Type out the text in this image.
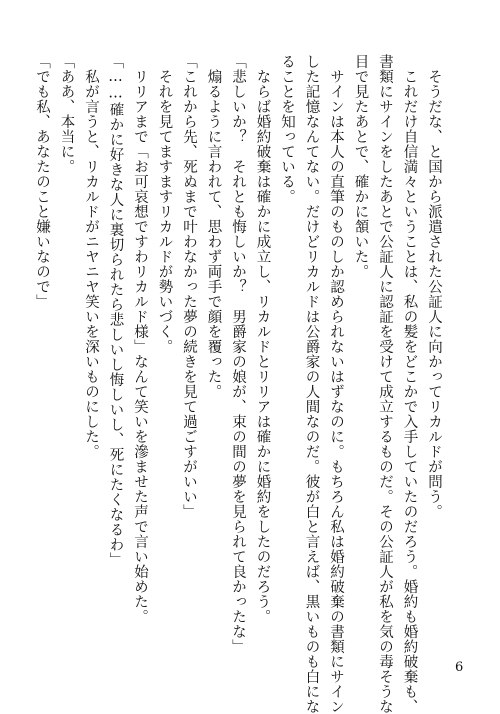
　そうだな、と国から派遣された公証人に向かってリカルドが問う。
　これだけ自信満々ということは、私の髪をどこかで入手していたのだろう。婚約も婚約破棄も、
書類にサインをしたあとで公証人に認証を受けて成立するものだ。その公証人が私を気の毒そうな
目で見たあとで、確かに頷いた。
　サインは本人の直筆のものしか認められないはずなのに。もちろん私は婚約破棄の書類にサイン
した記憶なんてない。だけどリカルドは公爵家の人間なのだ。彼が白と言えば、黒いものも白にな
ることを知っている。
　ならば婚約破棄は確かに成立し、リカルドとリリアは確かに婚約をしたのだろう。
「悲しいか？　それとも悔しいか？　男爵家の娘が、束の間の夢を見られて良かったな」
　煽るように言われて、思わず両手で顔を覆った。
「これから先、死ぬまで叶わなかった夢の続きを見て過ごすがいい」
　それを見てますますリカルドが勢いづく。
　リリアまで「お可哀想ですわリカルド様」なんて笑いを滲ませた声で言い始めた。
「……確かに好きな人に裏切られたら悲しいし悔しいし、死にたくなるわ」
　私が言うと、リカルドがニヤニヤ笑いを深いものにした。
「ああ、本当に。
「でも私、あなたのこと嫌いなので」
6
